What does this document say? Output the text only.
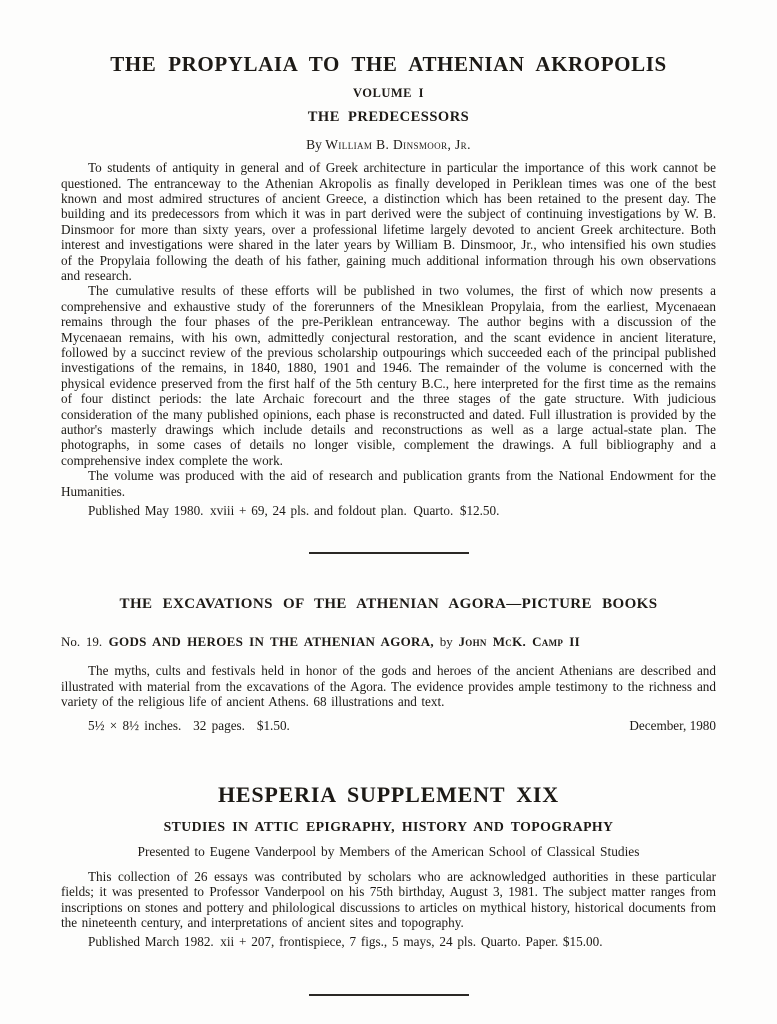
THE PROPYLAIA TO THE ATHENIAN AKROPOLIS
VOLUME I
THE PREDECESSORS

By William B. Dinsmoor, Jr.

To students of antiquity in general and of Greek architecture in particular the importance of this work cannot be questioned. The entranceway to the Athenian Akropolis as finally developed in Periklean times was one of the best known and most admired structures of ancient Greece, a distinction which has been retained to the present day. The building and its predecessors from which it was in part derived were the subject of continuing investigations by W. B. Dinsmoor for more than sixty years, over a professional lifetime largely devoted to ancient Greek architecture. Both interest and investigations were shared in the later years by William B. Dinsmoor, Jr., who intensified his own studies of the Propylaia following the death of his father, gaining much additional information through his own observations and research.

The cumulative results of these efforts will be published in two volumes, the first of which now presents a comprehensive and exhaustive study of the forerunners of the Mnesiklean Propylaia, from the earliest, Mycenaean remains through the four phases of the pre-Periklean entranceway. The author begins with a discussion of the Mycenaean remains, with his own, admittedly conjectural restoration, and the scant evidence in ancient literature, followed by a succinct review of the previous scholarship outpourings which succeeded each of the principal published investigations of the remains, in 1840, 1880, 1901 and 1946. The remainder of the volume is concerned with the physical evidence preserved from the first half of the 5th century B.C., here interpreted for the first time as the remains of four distinct periods: the late Archaic forecourt and the three stages of the gate structure. With judicious consideration of the many published opinions, each phase is reconstructed and dated. Full illustration is provided by the author's masterly drawings which include details and reconstructions as well as a large actual-state plan. The photographs, in some cases of details no longer visible, complement the drawings. A full bibliography and a comprehensive index complete the work.

The volume was produced with the aid of research and publication grants from the National Endowment for the Humanities.

Published May 1980. xviii + 69, 24 pls. and foldout plan. Quarto. $12.50.

THE EXCAVATIONS OF THE ATHENIAN AGORA—PICTURE BOOKS

No. 19. GODS AND HEROES IN THE ATHENIAN AGORA, by John McK. Camp II

The myths, cults and festivals held in honor of the gods and heroes of the ancient Athenians are described and illustrated with material from the excavations of the Agora. The evidence provides ample testimony to the richness and variety of the religious life of ancient Athens. 68 illustrations and text.

5½ × 8½ inches.  32 pages.  $1.50.	December, 1980
HESPERIA SUPPLEMENT XIX
STUDIES IN ATTIC EPIGRAPHY, HISTORY AND TOPOGRAPHY

Presented to Eugene Vanderpool by Members of the American School of Classical Studies

This collection of 26 essays was contributed by scholars who are acknowledged authorities in these particular fields; it was presented to Professor Vanderpool on his 75th birthday, August 3, 1981. The subject matter ranges from inscriptions on stones and pottery and philological discussions to articles on mythical history, historical documents from the nineteenth century, and interpretations of ancient sites and topography.

Published March 1982. xii + 207, frontispiece, 7 figs., 5 mays, 24 pls. Quarto. Paper. $15.00.
